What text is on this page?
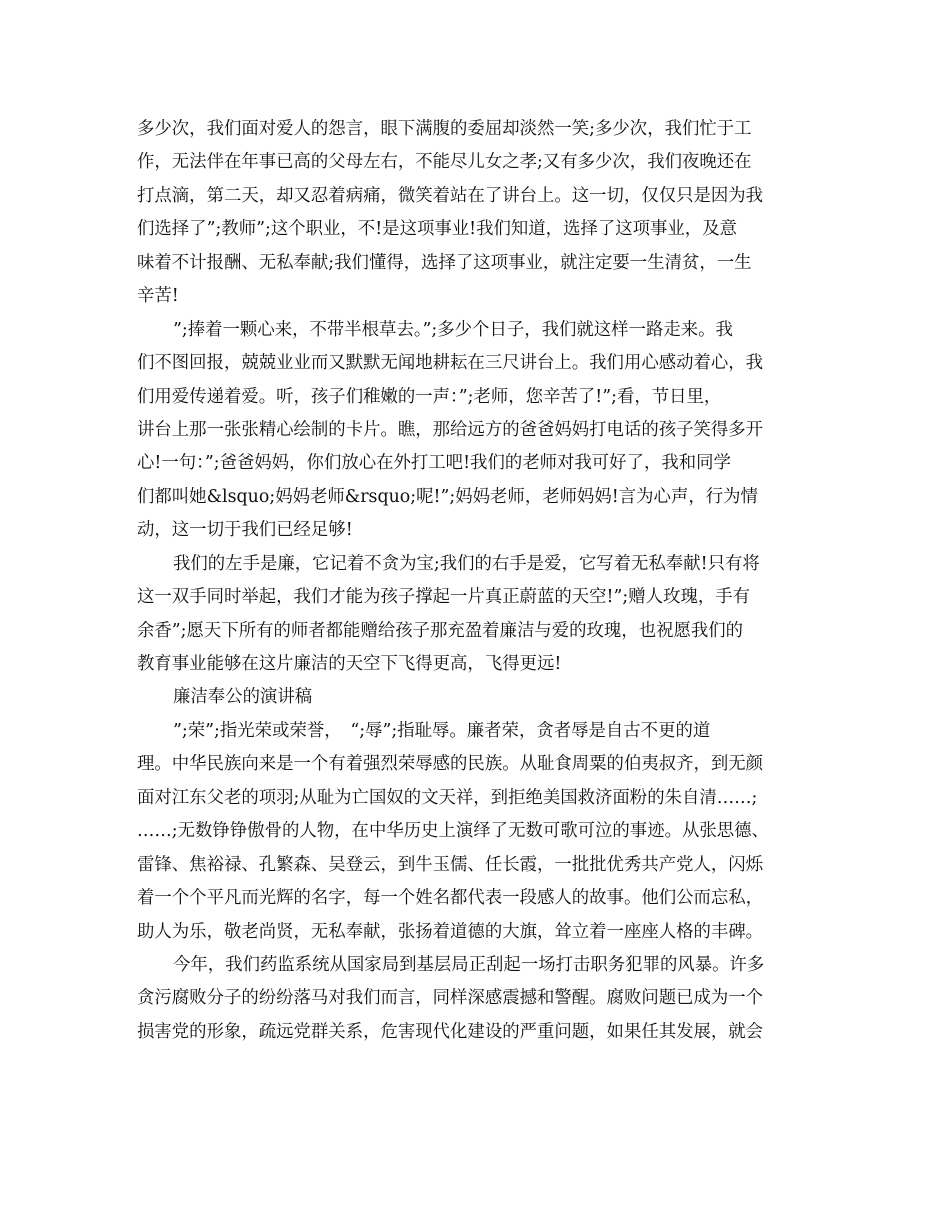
多少次，我们面对爱人的怨言，眼下满腹的委屈却淡然一笑;多少次，我们忙于工
作，无法伴在年事已高的父母左右，不能尽儿女之孝;又有多少次，我们夜晚还在
打点滴，第二天，却又忍着病痛，微笑着站在了讲台上。这一切，仅仅只是因为我
们选择了”;教师”;这个职业，不!是这项事业!我们知道，选择了这项事业，及意
味着不计报酬、无私奉献;我们懂得，选择了这项事业，就注定要一生清贫，一生
辛苦!
”;捧着一颗心来，不带半根草去。”;多少个日子，我们就这样一路走来。我
们不图回报，兢兢业业而又默默无闻地耕耘在三尺讲台上。我们用心感动着心，我
们用爱传递着爱。听，孩子们稚嫩的一声：”;老师，您辛苦了!”;看，节日里，
讲台上那一张张精心绘制的卡片。瞧，那给远方的爸爸妈妈打电话的孩子笑得多开
心!一句：”;爸爸妈妈，你们放心在外打工吧!我们的老师对我可好了，我和同学
们都叫她&lsquo;妈妈老师&rsquo;呢!”;妈妈老师，老师妈妈!言为心声，行为情
动，这一切于我们已经足够!
我们的左手是廉，它记着不贪为宝;我们的右手是爱，它写着无私奉献!只有将
这一双手同时举起，我们才能为孩子撑起一片真正蔚蓝的天空!”;赠人玫瑰，手有
余香”;愿天下所有的师者都能赠给孩子那充盈着廉洁与爱的玫瑰，也祝愿我们的
教育事业能够在这片廉洁的天空下飞得更高，飞得更远!
廉洁奉公的演讲稿
”;荣”;指光荣或荣誉，　“;辱”;指耻辱。廉者荣，贪者辱是自古不更的道
理。中华民族向来是一个有着强烈荣辱感的民族。从耻食周粟的伯夷叔齐，到无颜
面对江东父老的项羽;从耻为亡国奴的文天祥，到拒绝美国救济面粉的朱自清……;
……;无数铮铮傲骨的人物，在中华历史上演绎了无数可歌可泣的事迹。从张思德、
雷锋、焦裕禄、孔繁森、吴登云，到牛玉儒、任长霞，一批批优秀共产党人，闪烁
着一个个平凡而光辉的名字，每一个姓名都代表一段感人的故事。他们公而忘私，
助人为乐，敬老尚贤，无私奉献，张扬着道德的大旗，耸立着一座座人格的丰碑。
今年，我们药监系统从国家局到基层局正刮起一场打击职务犯罪的风暴。许多
贪污腐败分子的纷纷落马对我们而言，同样深感震撼和警醒。腐败问题已成为一个
损害党的形象，疏远党群关系，危害现代化建设的严重问题，如果任其发展，就会
